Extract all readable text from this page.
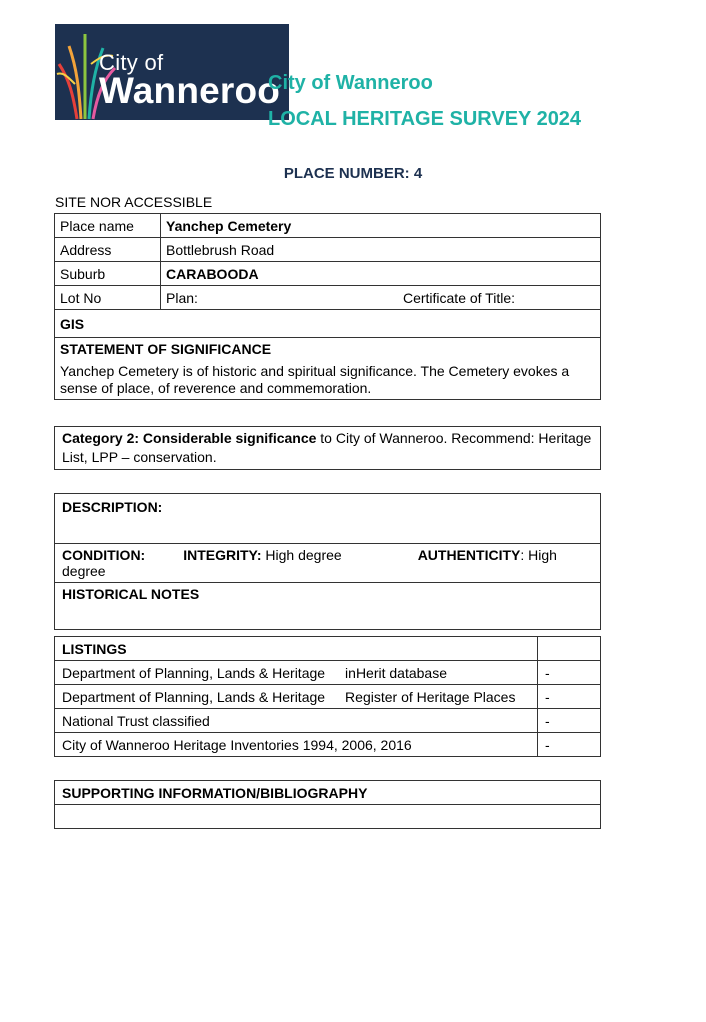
City of
Wanneroo
City of Wanneroo
LOCAL HERITAGE SURVEY 2024
PLACE NUMBER: 4
SITE NOR ACCESSIBLE
Place name	Yanchep Cemetery
Address	Bottlebrush Road
Suburb	CARABOODA
Lot No	Plan: Certificate of Title:

GIS	

STATEMENT OF SIGNIFICANCE
Yanchep Cemetery is of historic and spiritual significance. The Cemetery evokes a sense of place, of reverence and commemoration.	
Category 2: Considerable significance to City of Wanneroo. Recommend: Heritage List, LPP – conservation.
DESCRIPTION:
CONDITION:	INTEGRITY: High degree	AUTHENTICITY: High degree
HISTORICAL NOTES
LISTINGS	
Department of Planning, Lands & Heritage inHerit database	-
Department of Planning, Lands & Heritage Register of Heritage Places	-
National Trust classified	-
City of Wanneroo Heritage Inventories 1994, 2006, 2016	-
SUPPORTING INFORMATION/BIBLIOGRAPHY
